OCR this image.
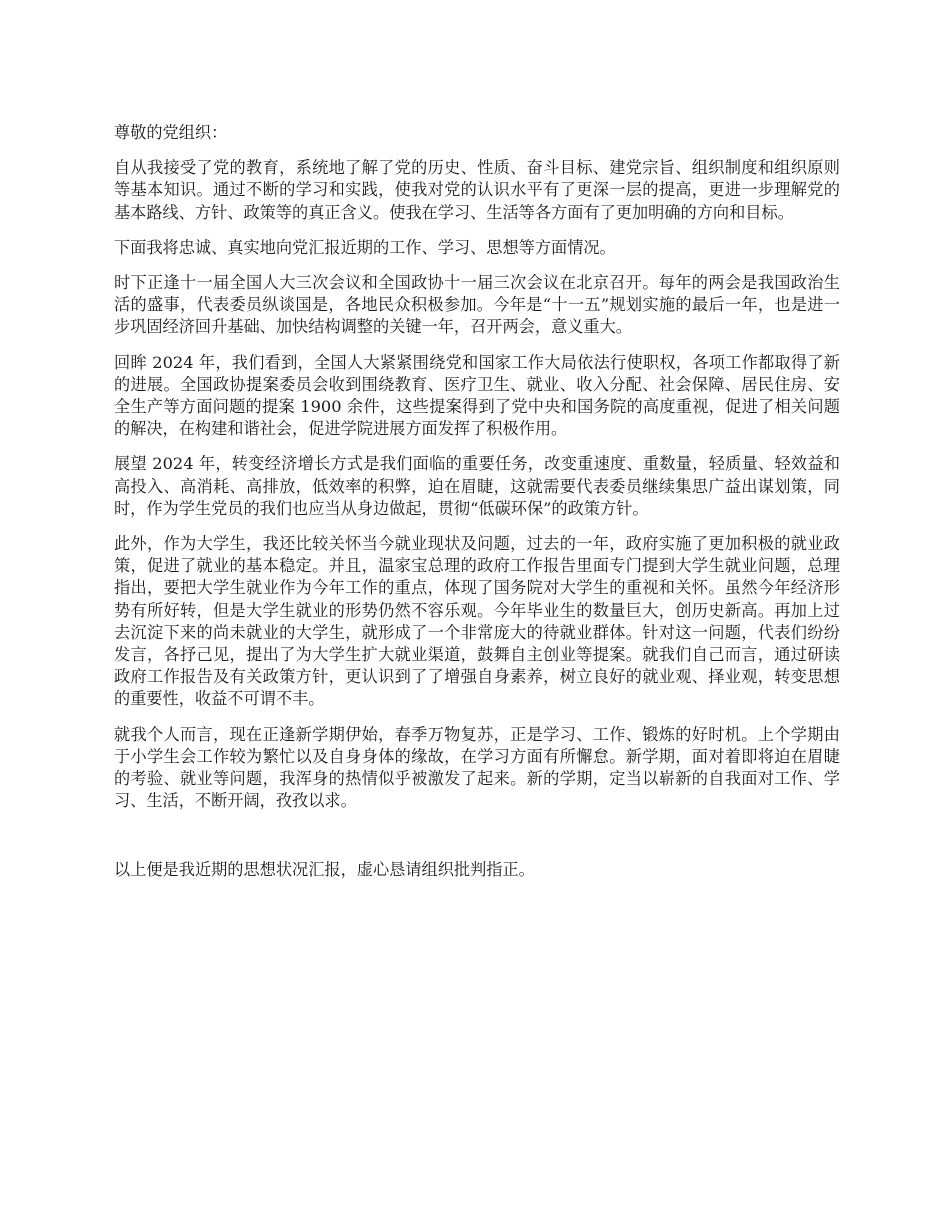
尊敬的党组织：

自从我接受了党的教育，系统地了解了党的历史、性质、奋斗目标、建党宗旨、组织制度和组织原则等基本知识。通过不断的学习和实践，使我对党的认识水平有了更深一层的提高，更进一步理解党的基本路线、方针、政策等的真正含义。使我在学习、生活等各方面有了更加明确的方向和目标。

下面我将忠诚、真实地向党汇报近期的工作、学习、思想等方面情况。

时下正逢十一届全国人大三次会议和全国政协十一届三次会议在北京召开。每年的两会是我国政治生活的盛事，代表委员纵谈国是，各地民众积极参加。今年是“十一五”规划实施的最后一年，也是进一步巩固经济回升基础、加快结构调整的关键一年，召开两会，意义重大。

回眸 2024 年，我们看到，全国人大紧紧围绕党和国家工作大局依法行使职权，各项工作都取得了新的进展。全国政协提案委员会收到围绕教育、医疗卫生、就业、收入分配、社会保障、居民住房、安全生产等方面问题的提案 1900 余件，这些提案得到了党中央和国务院的高度重视，促进了相关问题的解决，在构建和谐社会，促进学院进展方面发挥了积极作用。

展望 2024 年，转变经济增长方式是我们面临的重要任务，改变重速度、重数量，轻质量、轻效益和高投入、高消耗、高排放，低效率的积弊，迫在眉睫，这就需要代表委员继续集思广益出谋划策，同时，作为学生党员的我们也应当从身边做起，贯彻“低碳环保”的政策方针。

此外，作为大学生，我还比较关怀当今就业现状及问题，过去的一年，政府实施了更加积极的就业政策，促进了就业的基本稳定。并且，温家宝总理的政府工作报告里面专门提到大学生就业问题，总理指出，要把大学生就业作为今年工作的重点，体现了国务院对大学生的重视和关怀。虽然今年经济形势有所好转，但是大学生就业的形势仍然不容乐观。今年毕业生的数量巨大，创历史新高。再加上过去沉淀下来的尚未就业的大学生，就形成了一个非常庞大的待就业群体。针对这一问题，代表们纷纷发言，各抒己见，提出了为大学生扩大就业渠道，鼓舞自主创业等提案。就我们自己而言，通过研读政府工作报告及有关政策方针，更认识到了了增强自身素养，树立良好的就业观、择业观，转变思想的重要性，收益不可谓不丰。

就我个人而言，现在正逢新学期伊始，春季万物复苏，正是学习、工作、锻炼的好时机。上个学期由于小学生会工作较为繁忙以及自身身体的缘故，在学习方面有所懈怠。新学期，面对着即将迫在眉睫的考验、就业等问题，我浑身的热情似乎被激发了起来。新的学期，定当以崭新的自我面对工作、学习、生活，不断开阔，孜孜以求。

以上便是我近期的思想状况汇报，虚心恳请组织批判指正。
